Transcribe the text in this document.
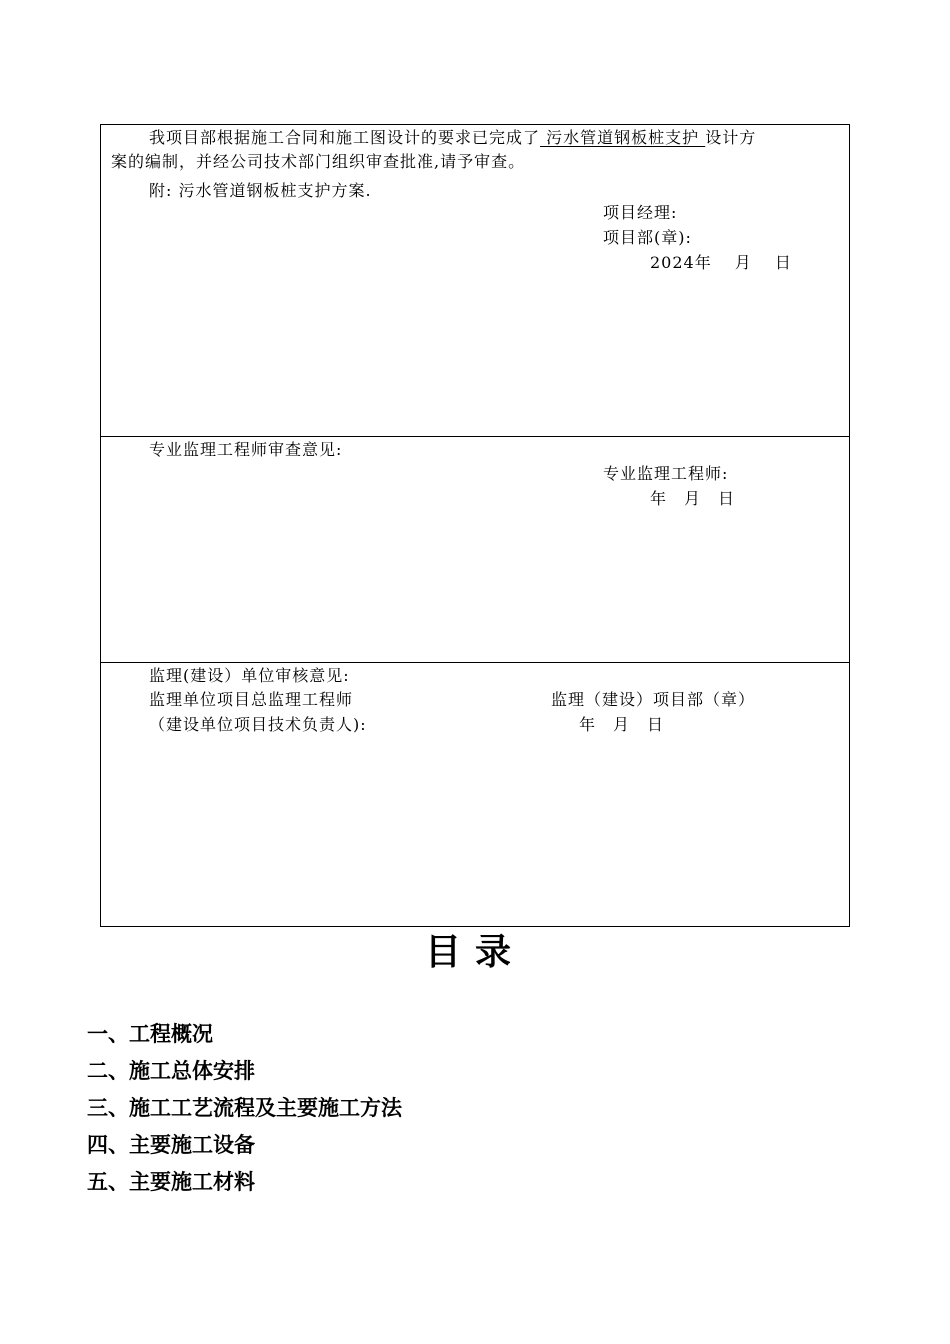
我项目部根据施工合同和施工图设计的要求已完成了 污水管道钢板桩支护 设计方
案的编制，并经公司技术部门组织审查批准,请予审查。
附: 污水管道钢板桩支护方案.
项目经理:
项目部(章):
2024年　 月　 日
专业监理工程师审查意见:
专业监理工程师:
年　月　日
监理(建设）单位审核意见:
监理单位项目总监理工程师	监理（建设）项目部（章）
（建设单位项目技术负责人):	年　月　日
目录
一、工程概况
二、施工总体安排
三、施工工艺流程及主要施工方法
四、主要施工设备
五、主要施工材料
